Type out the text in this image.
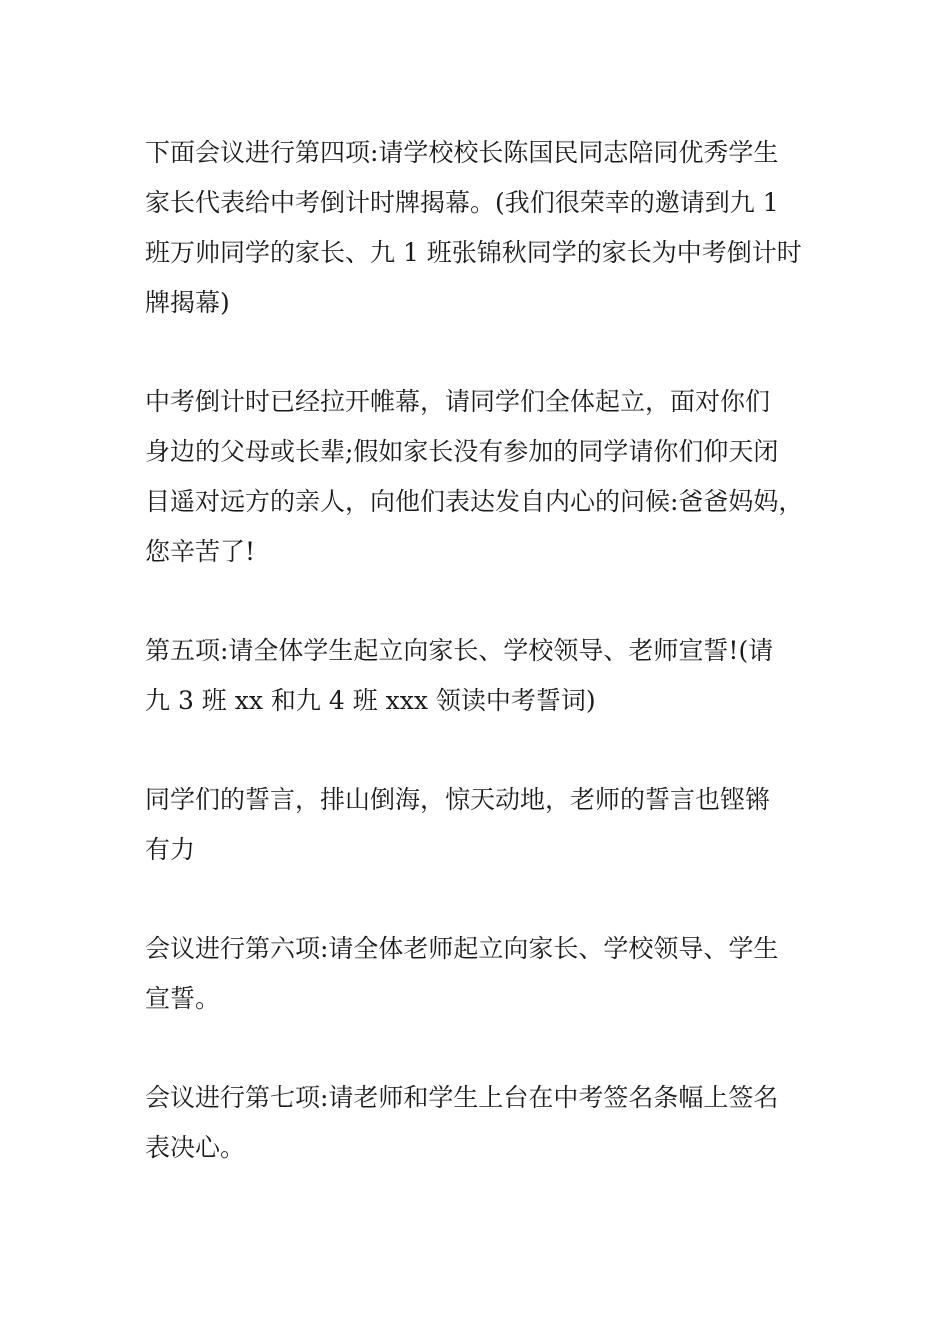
下面会议进行第四项:请学校校长陈国民同志陪同优秀学生
家长代表给中考倒计时牌揭幕。(我们很荣幸的邀请到九 1
班万帅同学的家长、九 1 班张锦秋同学的家长为中考倒计时
牌揭幕)

中考倒计时已经拉开帷幕，请同学们全体起立，面对你们
身边的父母或长辈;假如家长没有参加的同学请你们仰天闭
目遥对远方的亲人，向他们表达发自内心的问候:爸爸妈妈，
您辛苦了!

第五项:请全体学生起立向家长、学校领导、老师宣誓!(请
九 3 班 xx 和九 4 班 xxx 领读中考誓词)

同学们的誓言，排山倒海，惊天动地，老师的誓言也铿锵
有力

会议进行第六项:请全体老师起立向家长、学校领导、学生
宣誓。

会议进行第七项:请老师和学生上台在中考签名条幅上签名
表决心。
